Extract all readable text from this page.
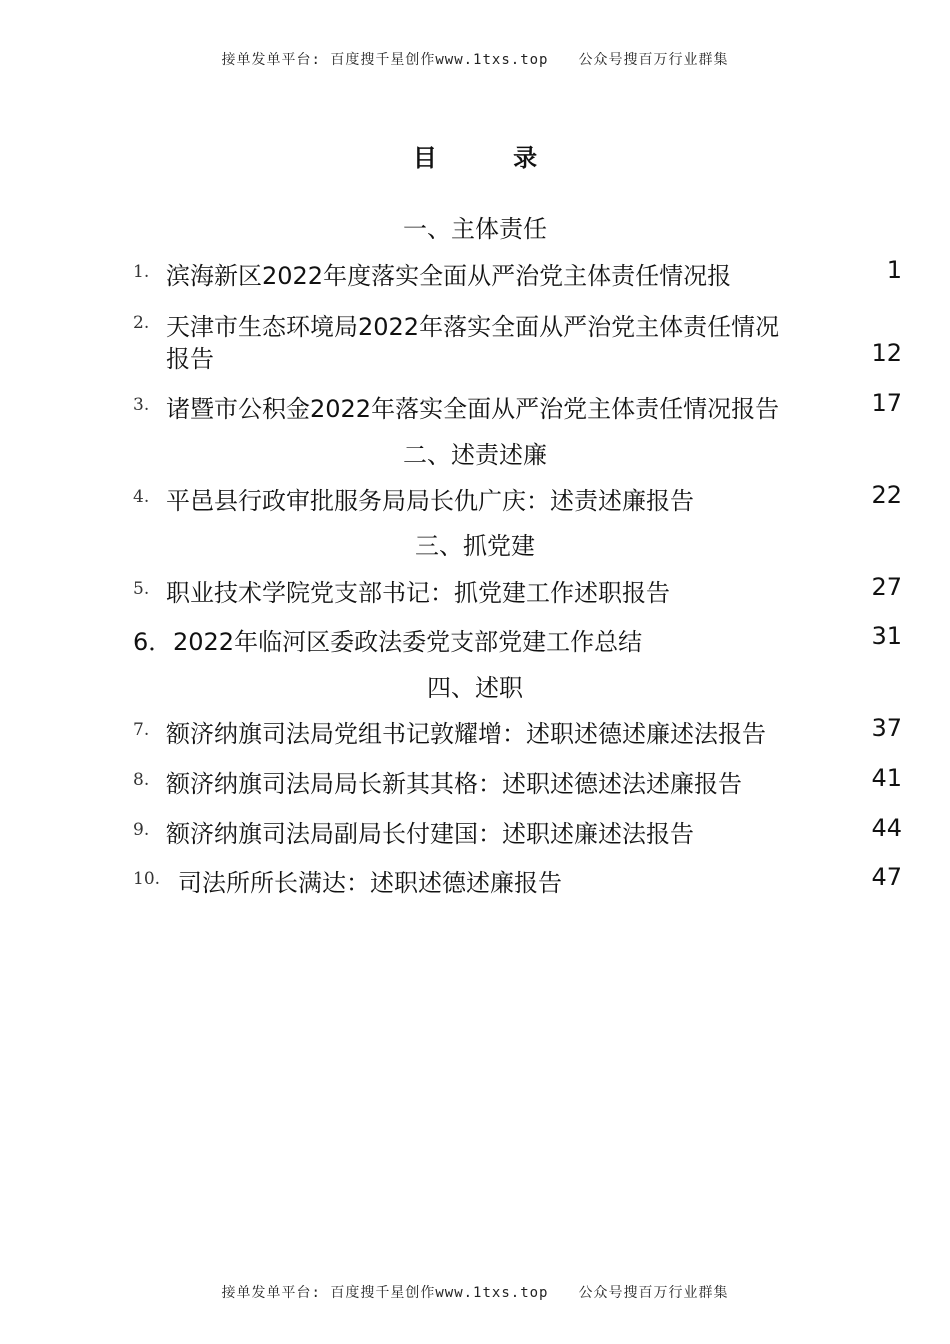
接单发单平台: 百度搜千星创作www.1txs.top 公众号搜百万行业群集
目 录
一、主体责任
1. 滨海新区2022年度落实全面从严治党主体责任情况报	1
2. 天津市生态环境局2022年落实全面从严治党主体责任情况
报告	12
3. 诸暨市公积金2022年落实全面从严治党主体责任情况报告	17
二、述责述廉
4. 平邑县行政审批服务局局长仇广庆：述责述廉报告	22
三、抓党建
5. 职业技术学院党支部书记：抓党建工作述职报告	27
6． 2022年临河区委政法委党支部党建工作总结	31
四、述职
7. 额济纳旗司法局党组书记敦耀增：述职述德述廉述法报告	37
8. 额济纳旗司法局局长新其其格：述职述德述法述廉报告	41
9. 额济纳旗司法局副局长付建国：述职述廉述法报告	44
10. 司法所所长满达：述职述德述廉报告	47
接单发单平台: 百度搜千星创作www.1txs.top 公众号搜百万行业群集
